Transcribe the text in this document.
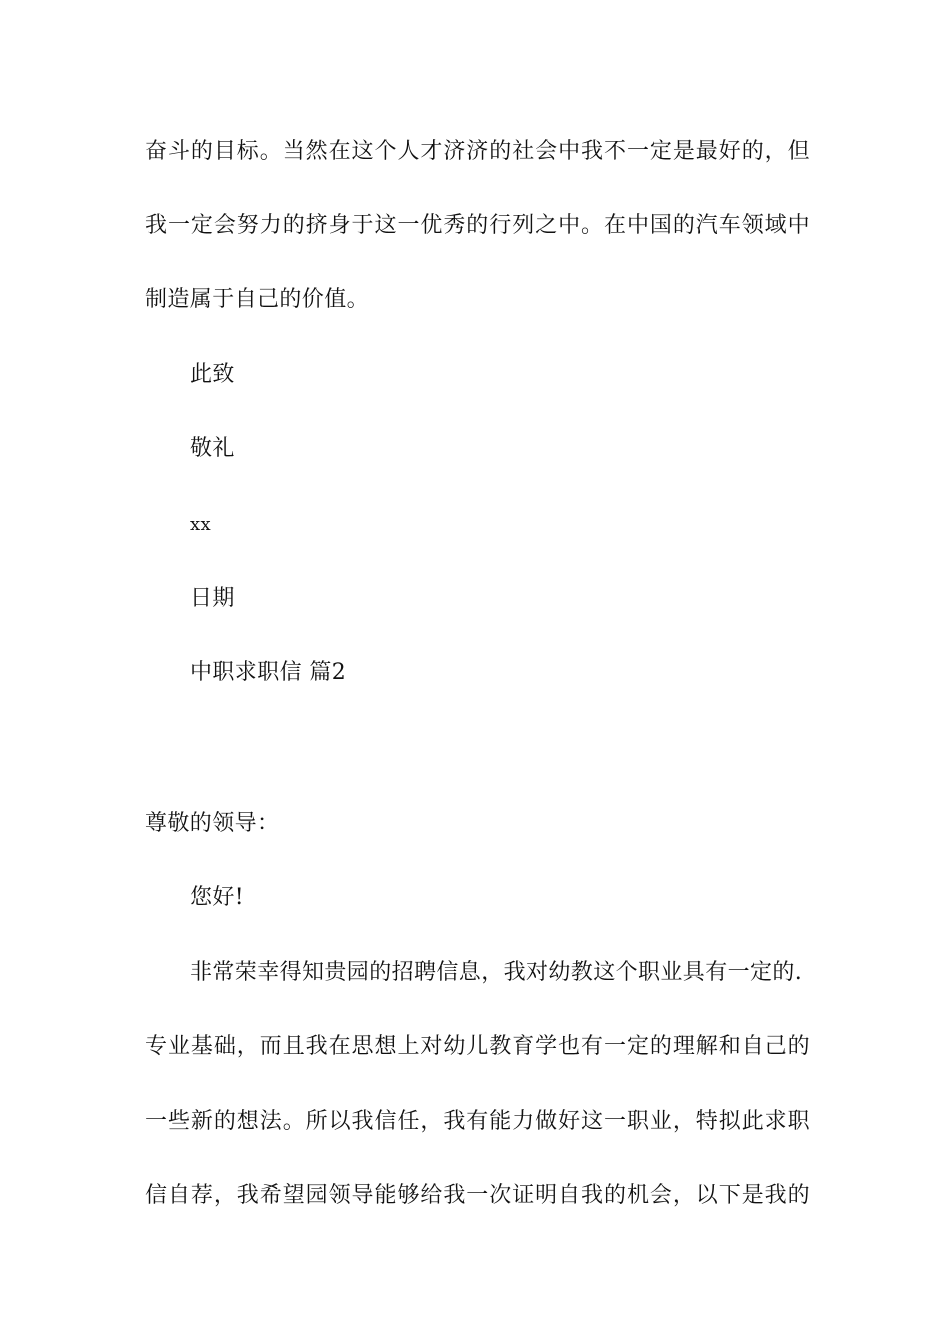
奋斗的目标。当然在这个人才济济的社会中我不一定是最好的，但
我一定会努力的挤身于这一优秀的行列之中。在中国的汽车领域中
制造属于自己的价值。
此致
敬礼
xx
日期
中职求职信 篇2
尊敬的领导：
您好!
非常荣幸得知贵园的招聘信息，我对幼教这个职业具有一定的.
专业基础，而且我在思想上对幼儿教育学也有一定的理解和自己的
一些新的想法。所以我信任，我有能力做好这一职业，特拟此求职
信自荐，我希望园领导能够给我一次证明自我的机会，以下是我的
